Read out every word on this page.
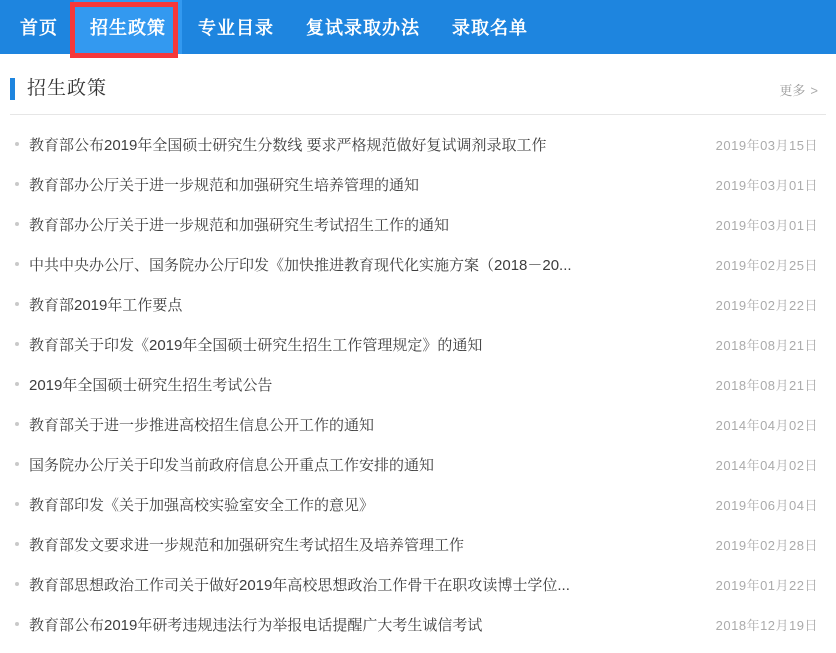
首页	招生政策	专业目录	复试录取办法	录取名单
招生政策	更多 >
教育部公布2019年全国硕士研究生分数线 要求严格规范做好复试调剂录取工作	2019年03月15日
教育部办公厅关于进一步规范和加强研究生培养管理的通知	2019年03月01日
教育部办公厅关于进一步规范和加强研究生考试招生工作的通知	2019年03月01日
中共中央办公厅、国务院办公厅印发《加快推进教育现代化实施方案（2018－20...	2019年02月25日
教育部2019年工作要点	2019年02月22日
教育部关于印发《2019年全国硕士研究生招生工作管理规定》的通知	2018年08月21日
2019年全国硕士研究生招生考试公告	2018年08月21日
教育部关于进一步推进高校招生信息公开工作的通知	2014年04月02日
国务院办公厅关于印发当前政府信息公开重点工作安排的通知	2014年04月02日
教育部印发《关于加强高校实验室安全工作的意见》	2019年06月04日
教育部发文要求进一步规范和加强研究生考试招生及培养管理工作	2019年02月28日
教育部思想政治工作司关于做好2019年高校思想政治工作骨干在职攻读博士学位...	2019年01月22日
教育部公布2019年研考违规违法行为举报电话提醒广大考生诚信考试	2018年12月19日
